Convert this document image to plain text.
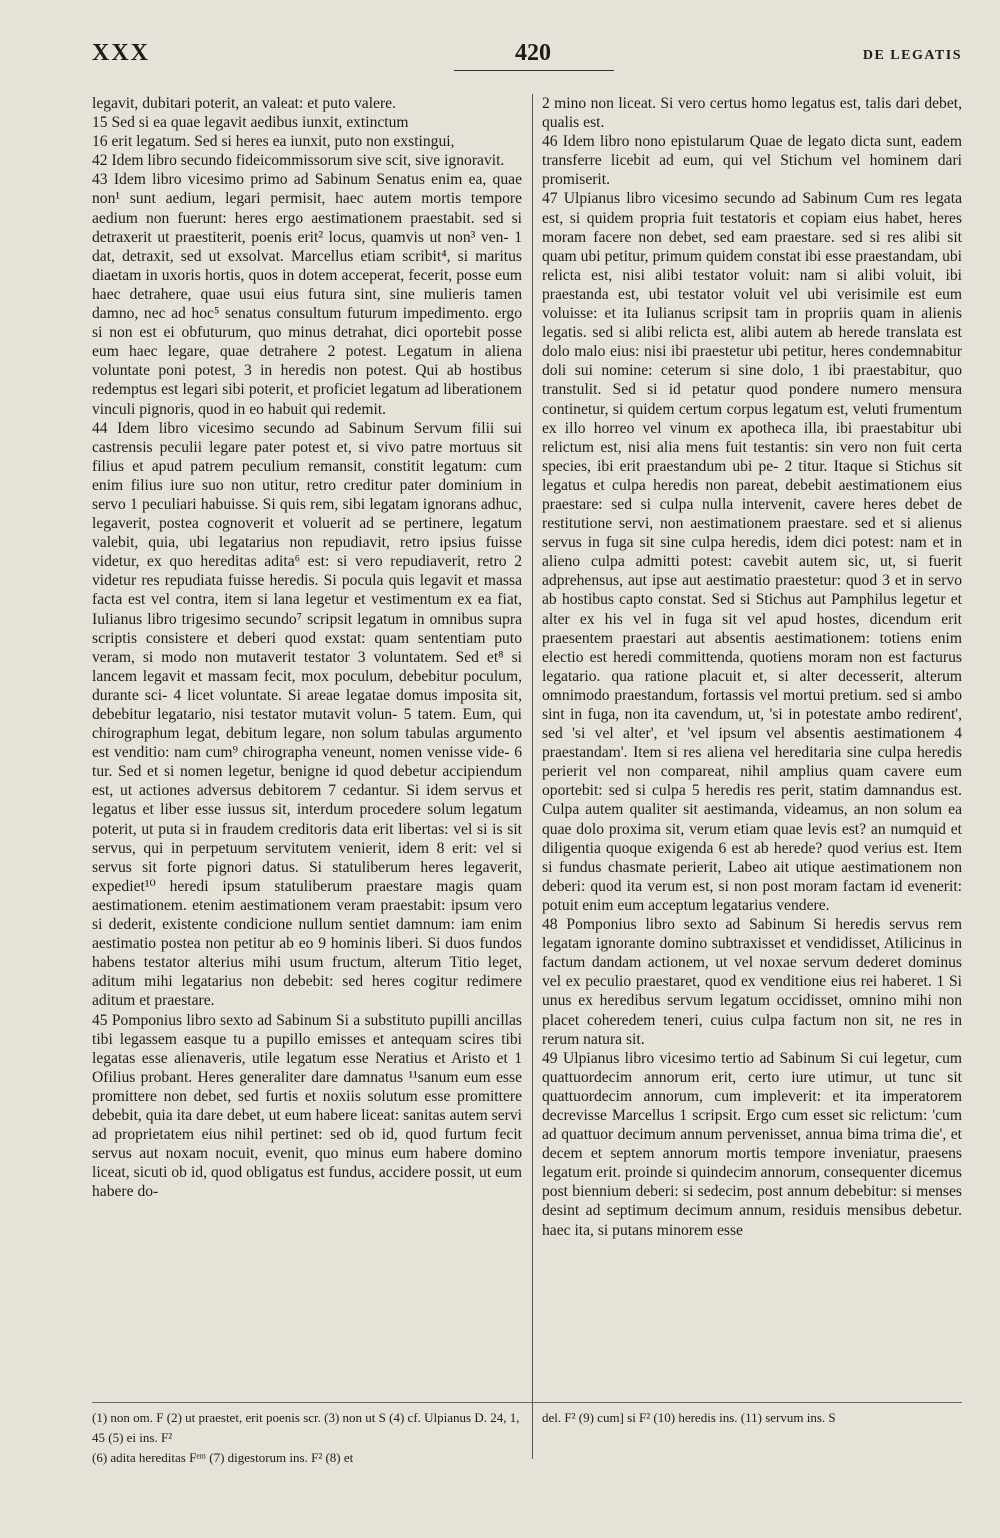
XXX	420	DE LEGATIS

legavit, dubitari poterit, an valeat: et puto valere.

15 Sed si ea quae legavit aedibus iunxit, extinctum

16 erit legatum. Sed si heres ea iunxit, puto non exstingui,

42 Idem libro secundo fideicommissorum sive scit, sive ignoravit.

43 Idem libro vicesimo primo ad Sabinum Senatus enim ea, quae non¹ sunt aedium, legari permisit, haec autem mortis tempore aedium non fuerunt: heres ergo aestimationem praestabit. sed si detraxerit ut praestiterit, poenis erit² locus, quamvis ut non³ ven- 1 dat, detraxit, sed ut exsolvat. Marcellus etiam scribit⁴, si maritus diaetam in uxoris hortis, quos in dotem acceperat, fecerit, posse eum haec detrahere, quae usui eius futura sint, sine mulieris tamen damno, nec ad hoc⁵ senatus consultum futurum impedimento. ergo si non est ei obfuturum, quo minus detrahat, dici oportebit posse eum haec legare, quae detrahere 2 potest. Legatum in aliena voluntate poni potest, 3 in heredis non potest. Qui ab hostibus redemptus est legari sibi poterit, et proficiet legatum ad liberationem vinculi pignoris, quod in eo habuit qui redemit.

44 Idem libro vicesimo secundo ad Sabinum Servum filii sui castrensis peculii legare pater potest et, si vivo patre mortuus sit filius et apud patrem peculium remansit, constitit legatum: cum enim filius iure suo non utitur, retro creditur pater dominium in servo 1 peculiari habuisse. Si quis rem, sibi legatam ignorans adhuc, legaverit, postea cognoverit et voluerit ad se pertinere, legatum valebit, quia, ubi legatarius non repudiavit, retro ipsius fuisse videtur, ex quo hereditas adita⁶ est: si vero repudiaverit, retro 2 videtur res repudiata fuisse heredis. Si pocula quis legavit et massa facta est vel contra, item si lana legetur et vestimentum ex ea fiat, Iulianus libro trigesimo secundo⁷ scripsit legatum in omnibus supra scriptis consistere et deberi quod exstat: quam sententiam puto veram, si modo non mutaverit testator 3 voluntatem. Sed et⁸ si lancem legavit et massam fecit, mox poculum, debebitur poculum, durante sci- 4 licet voluntate. Si areae legatae domus imposita sit, debebitur legatario, nisi testator mutavit volun- 5 tatem. Eum, qui chirographum legat, debitum legare, non solum tabulas argumento est venditio: nam cum⁹ chirographa veneunt, nomen venisse vide- 6 tur. Sed et si nomen legetur, benigne id quod debetur accipiendum est, ut actiones adversus debitorem 7 cedantur. Si idem servus et legatus et liber esse iussus sit, interdum procedere solum legatum poterit, ut puta si in fraudem creditoris data erit libertas: vel si is sit servus, qui in perpetuum servitutem venierit, idem 8 erit: vel si servus sit forte pignori datus. Si statuliberum heres legaverit, expediet¹⁰ heredi ipsum statuliberum praestare magis quam aestimationem. etenim aestimationem veram praestabit: ipsum vero si dederit, existente condicione nullum sentiet damnum: iam enim aestimatio postea non petitur ab eo 9 hominis liberi. Si duos fundos habens testator alterius mihi usum fructum, alterum Titio leget, aditum mihi legatarius non debebit: sed heres cogitur redimere aditum et praestare.

45 Pomponius libro sexto ad Sabinum Si a substituto pupilli ancillas tibi legassem easque tu a pupillo emisses et antequam scires tibi legatas esse alienaveris, utile legatum esse Neratius et Aristo et 1 Ofilius probant. Heres generaliter dare damnatus ¹¹sanum eum esse promittere non debet, sed furtis et noxiis solutum esse promittere debebit, quia ita dare debet, ut eum habere liceat: sanitas autem servi ad proprietatem eius nihil pertinet: sed ob id, quod furtum fecit servus aut noxam nocuit, evenit, quo minus eum habere domino liceat, sicuti ob id, quod obligatus est fundus, accidere possit, ut eum habere do-

2 mino non liceat. Si vero certus homo legatus est, talis dari debet, qualis est.

46 Idem libro nono epistularum Quae de legato dicta sunt, eadem transferre licebit ad eum, qui vel Stichum vel hominem dari promiserit.

47 Ulpianus libro vicesimo secundo ad Sabinum Cum res legata est, si quidem propria fuit testatoris et copiam eius habet, heres moram facere non debet, sed eam praestare. sed si res alibi sit quam ubi petitur, primum quidem constat ibi esse praestandam, ubi relicta est, nisi alibi testator voluit: nam si alibi voluit, ibi praestanda est, ubi testator voluit vel ubi verisimile est eum voluisse: et ita Iulianus scripsit tam in propriis quam in alienis legatis. sed si alibi relicta est, alibi autem ab herede translata est dolo malo eius: nisi ibi praestetur ubi petitur, heres condemnabitur doli sui nomine: ceterum si sine dolo, 1 ibi praestabitur, quo transtulit. Sed si id petatur quod pondere numero mensura continetur, si quidem certum corpus legatum est, veluti frumentum ex illo horreo vel vinum ex apotheca illa, ibi praestabitur ubi relictum est, nisi alia mens fuit testantis: sin vero non fuit certa species, ibi erit praestandum ubi pe- 2 titur. Itaque si Stichus sit legatus et culpa heredis non pareat, debebit aestimationem eius praestare: sed si culpa nulla intervenit, cavere heres debet de restitutione servi, non aestimationem praestare. sed et si alienus servus in fuga sit sine culpa heredis, idem dici potest: nam et in alieno culpa admitti potest: cavebit autem sic, ut, si fuerit adprehensus, aut ipse aut aestimatio praestetur: quod 3 et in servo ab hostibus capto constat. Sed si Stichus aut Pamphilus legetur et alter ex his vel in fuga sit vel apud hostes, dicendum erit praesentem praestari aut absentis aestimationem: totiens enim electio est heredi committenda, quotiens moram non est facturus legatario. qua ratione placuit et, si alter decesserit, alterum omnimodo praestandum, fortassis vel mortui pretium. sed si ambo sint in fuga, non ita cavendum, ut, 'si in potestate ambo redirent', sed 'si vel alter', et 'vel ipsum vel absentis aestimationem 4 praestandam'. Item si res aliena vel hereditaria sine culpa heredis perierit vel non compareat, nihil amplius quam cavere eum oportebit: sed si culpa 5 heredis res perit, statim damnandus est. Culpa autem qualiter sit aestimanda, videamus, an non solum ea quae dolo proxima sit, verum etiam quae levis est? an numquid et diligentia quoque exigenda 6 est ab herede? quod verius est. Item si fundus chasmate perierit, Labeo ait utique aestimationem non deberi: quod ita verum est, si non post moram factam id evenerit: potuit enim eum acceptum legatarius vendere.

48 Pomponius libro sexto ad Sabinum Si heredis servus rem legatam ignorante domino subtraxisset et vendidisset, Atilicinus in factum dandam actionem, ut vel noxae servum dederet dominus vel ex peculio praestaret, quod ex venditione eius rei haberet. 1 Si unus ex heredibus servum legatum occidisset, omnino mihi non placet coheredem teneri, cuius culpa factum non sit, ne res in rerum natura sit.

49 Ulpianus libro vicesimo tertio ad Sabinum Si cui legetur, cum quattuordecim annorum erit, certo iure utimur, ut tunc sit quattuordecim annorum, cum impleverit: et ita imperatorem decrevisse Marcellus 1 scripsit. Ergo cum esset sic relictum: 'cum ad quattuor decimum annum pervenisset, annua bima trima die', et decem et septem annorum mortis tempore inveniatur, praesens legatum erit. proinde si quindecim annorum, consequenter dicemus post biennium deberi: si sedecim, post annum debebitur: si menses desint ad septimum decimum annum, residuis mensibus debetur. haec ita, si putans minorem esse

(1) non om. F (2) ut praestet, erit poenis scr. (3) non ut S (4) cf. Ulpianus D. 24, 1, 45 (5) ei ins. F²
(6) adita hereditas Fᵉᵐ (7) digestorum ins. F² (8) et
del. F² (9) cum] si F² (10) heredis ins. (11) servum ins. S
